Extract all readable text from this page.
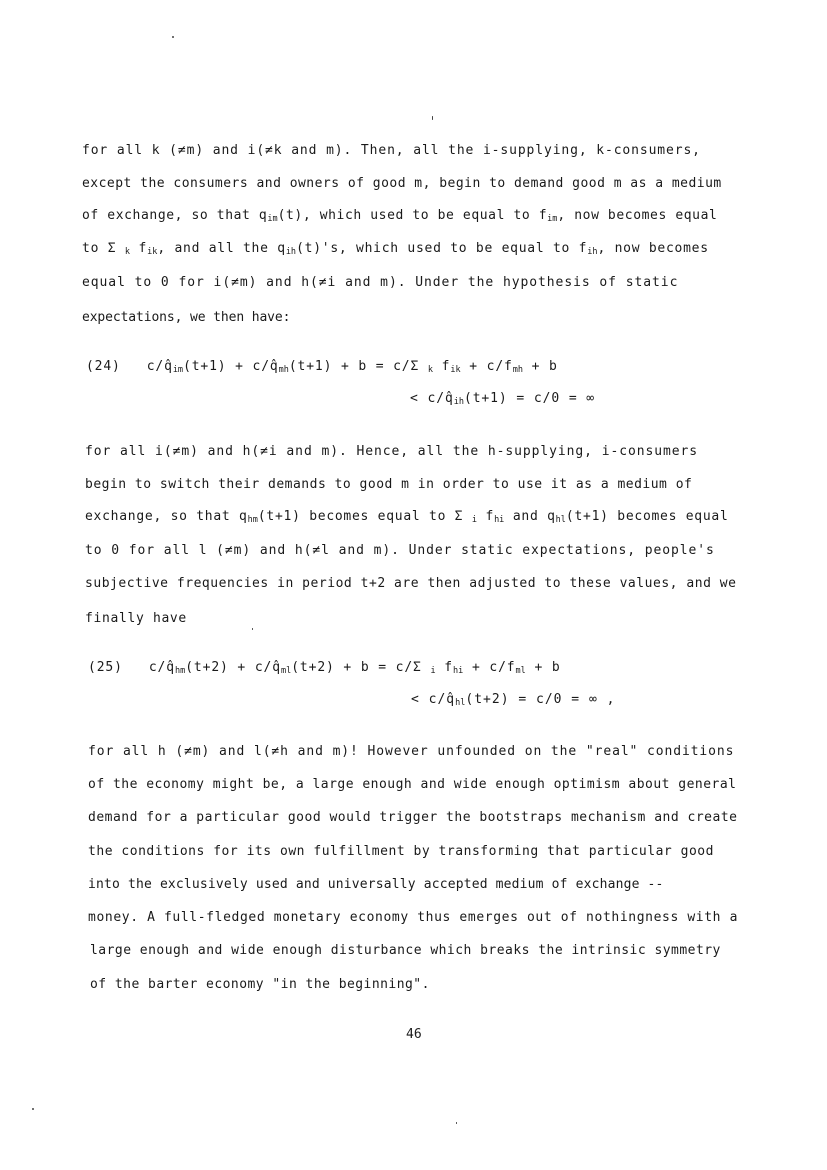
for all k (≠m) and i(≠k and m). Then, all the i-supplying, k-consumers,
except the consumers and owners of good m, begin to demand good m as a medium
of exchange, so that $q_{im}(t)$, which used to be equal to $f_{im}$, now becomes equal
to Σ $_k$ $f_{ik}$, and all the $q_{ih}(t)'s$, which used to be equal to $f_{ih}$, now becomes
equal to 0 for i(≠m) and h(≠i and m). Under the hypothesis of static
expectations, we then have:
(24) $c/q̂_{im}(t+1)$ + $c/q̂_{mh}(t+1) + b = c/\Sigma$ $_k$ $f_{ik} + c/f_{mh} + b$
< $c/q̂_{ih}(t+1) = c/0$ = ∞
for all i(≠m) and h(≠i and m). Hence, all the h-supplying, i-consumers
begin to switch their demands to good m in order to use it as a medium of
exchange, so that $q_{hm}(t+1)$ becomes equal to Σ $_i$ $f_{hi}$ and $q_{hl}(t+1)$ becomes equal
to 0 for all l (≠m) and h(≠l and m). Under static expectations, people's
subjective frequencies in period t+2 are then adjusted to these values, and we
finally have
(25) $c/q̂_{hm}(t+2)$ + $c/q̂_{ml}(t+2) + b = c/\Sigma$ $_i$ $f_{hi} + c/f_{ml} + b$
< $c/q̂_{hl}(t+2) = c/0$ = ∞ ,
for all h (≠m) and l(≠h and m)! However unfounded on the "real" conditions
of the economy might be, a large enough and wide enough optimism about general
demand for a particular good would trigger the bootstraps mechanism and create
the conditions for its own fulfillment by transforming that particular good
into the exclusively used and universally accepted medium of exchange --
money. A full-fledged monetary economy thus emerges out of nothingness with a
large enough and wide enough disturbance which breaks the intrinsic symmetry
of the barter economy "in the beginning".
46
